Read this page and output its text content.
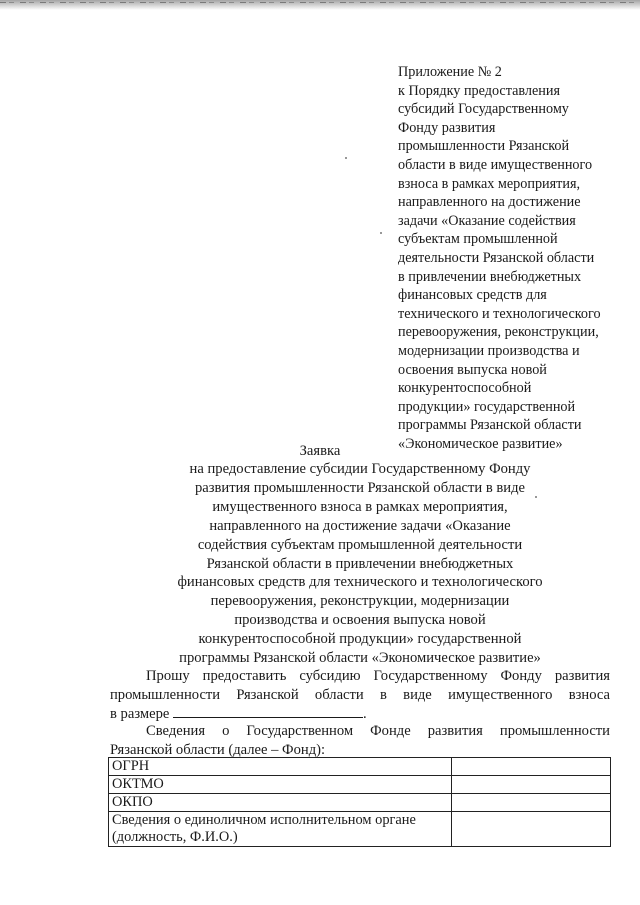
Приложение № 2
к Порядку предоставления
субсидий Государственному
Фонду развития
промышленности Рязанской
области в виде имущественного
взноса в рамках мероприятия,
направленного на достижение
задачи «Оказание содействия
субъектам промышленной
деятельности Рязанской области
в привлечении внебюджетных
финансовых средств для
технического и технологического
перевооружения, реконструкции,
модернизации производства и
освоения выпуска новой
конкурентоспособной
продукции» государственной
программы Рязанской области
«Экономическое развитие»
Заявка
на предоставление субсидии Государственному Фонду
развития промышленности Рязанской области в виде
имущественного взноса в рамках мероприятия,
направленного на достижение задачи «Оказание
содействия субъектам промышленной деятельности
Рязанской области в привлечении внебюджетных
финансовых средств для технического и технологического
перевооружения, реконструкции, модернизации
производства и освоения выпуска новой
конкурентоспособной продукции» государственной
программы Рязанской области «Экономическое развитие»
Прошу предоставить субсидию Государственному Фонду развития
промышленности Рязанской области в виде имущественного взноса
в размере	.
Сведения о Государственном Фонде развития промышленности
Рязанской области (далее – Фонд):
ОГРН	
ОКТМО	
ОКПО	
Сведения о единоличном исполнительном органе (должность, Ф.И.О.)	
